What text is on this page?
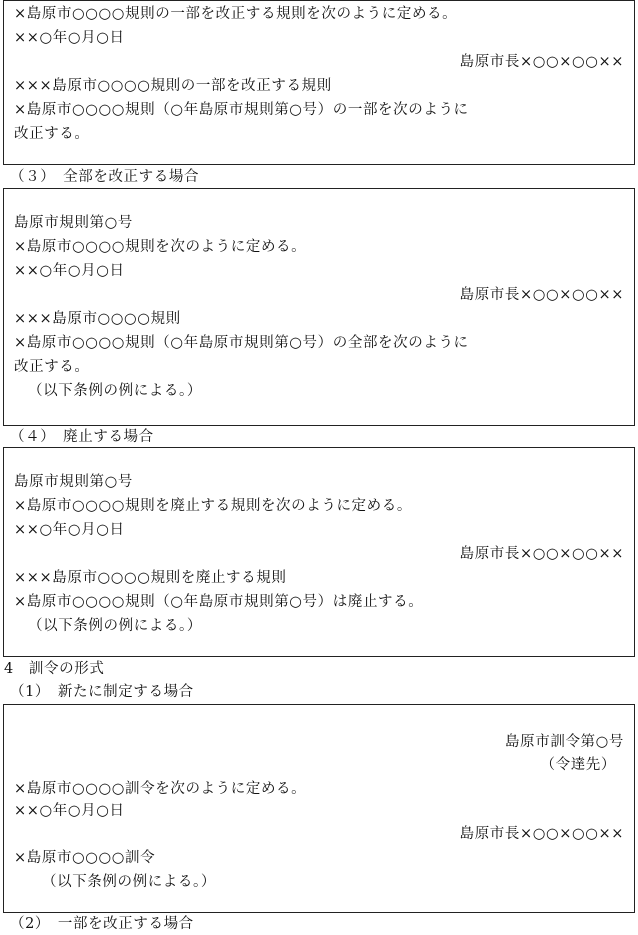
×島原市○○○○規則の一部を改正する規則を次のように定める。
××○年○月○日
島原市長×○○×○○××
×××島原市○○○○規則の一部を改正する規則
×島原市○○○○規則（○年島原市規則第○号）の一部を次のように
改正する。
（３）　全部を改正する場合
島原市規則第○号
×島原市○○○○規則を次のように定める。
××○年○月○日
島原市長×○○×○○××
×××島原市○○○○規則
×島原市○○○○規則（○年島原市規則第○号）の全部を次のように
改正する。
（以下条例の例による。）
（４）　廃止する場合
島原市規則第○号
×島原市○○○○規則を廃止する規則を次のように定める。
××○年○月○日
島原市長×○○×○○××
×××島原市○○○○規則を廃止する規則
×島原市○○○○規則（○年島原市規則第○号）は廃止する。
（以下条例の例による。）
4　訓令の形式
（1）　新たに制定する場合
島原市訓令第○号
（令達先）
×島原市○○○○訓令を次のように定める。
××○年○月○日
島原市長×○○×○○××
×島原市○○○○訓令
（以下条例の例による。）
（2）　一部を改正する場合
